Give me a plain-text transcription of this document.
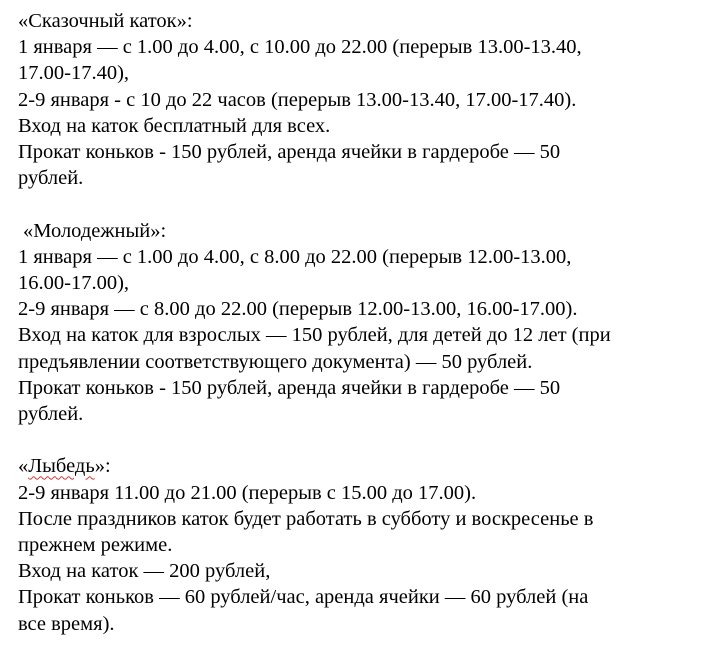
«Сказочный каток»:

1 января — с 1.00 до 4.00, с 10.00 до 22.00 (перерыв 13.00-13.40,

17.00-17.40),

2-9 января - с 10 до 22 часов (перерыв 13.00-13.40, 17.00-17.40).

Вход на каток бесплатный для всех.

Прокат коньков - 150 рублей, аренда ячейки в гардеробе — 50

рублей.

«Молодежный»:

1 января — с 1.00 до 4.00, с 8.00 до 22.00 (перерыв 12.00-13.00,

16.00-17.00),

2-9 января — с 8.00 до 22.00 (перерыв 12.00-13.00, 16.00-17.00).

Вход на каток для взрослых — 150 рублей, для детей до 12 лет (при

предъявлении соответствующего документа) — 50 рублей.

Прокат коньков - 150 рублей, аренда ячейки в гардеробе — 50

рублей.

«Лыбедь»:

2-9 января 11.00 до 21.00 (перерыв с 15.00 до 17.00).

После праздников каток будет работать в субботу и воскресенье в

прежнем режиме.

Вход на каток — 200 рублей,

Прокат коньков — 60 рублей/час, аренда ячейки — 60 рублей (на

все время).
